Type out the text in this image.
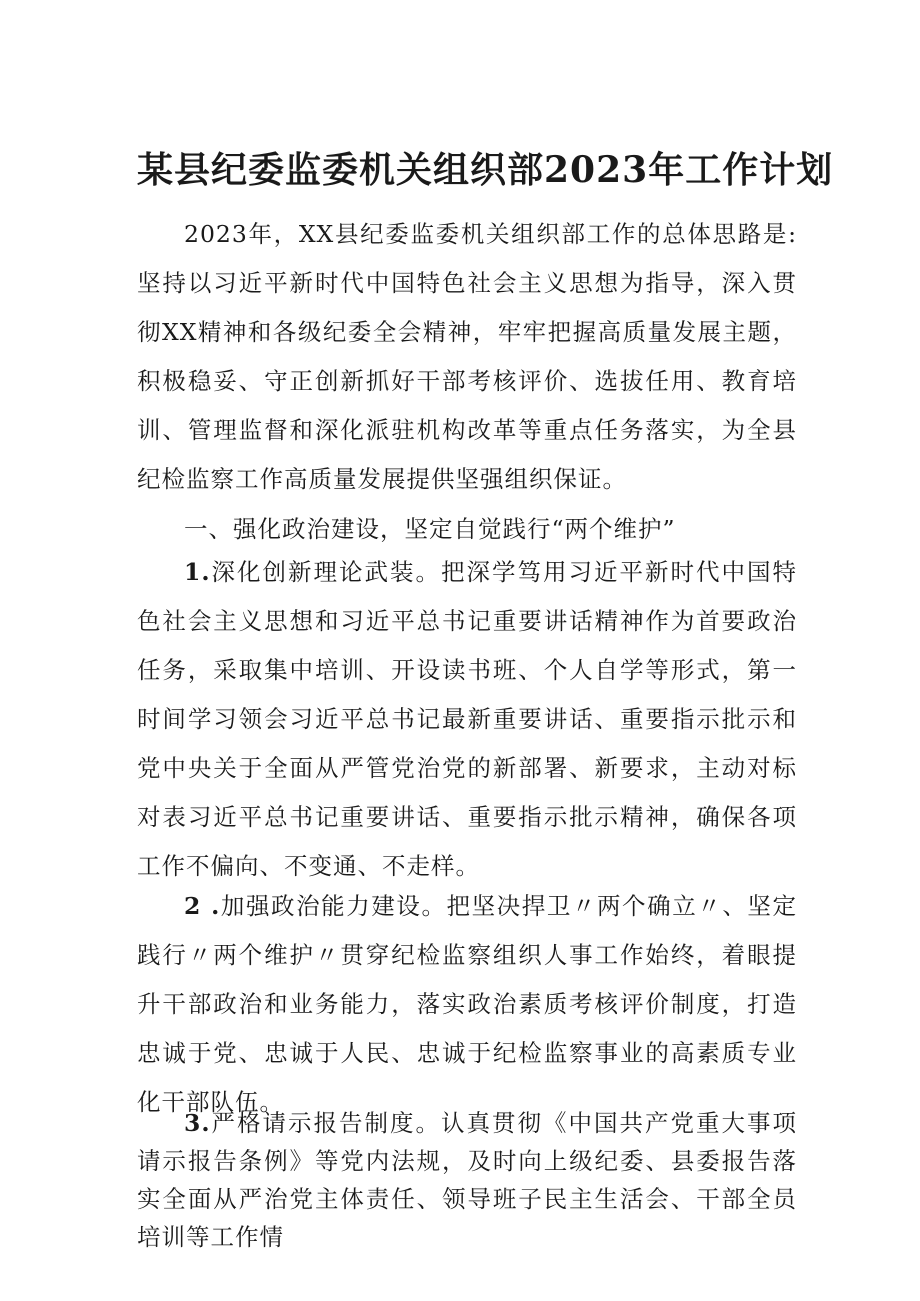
某县纪委监委机关组织部2023年工作计划
2023年，XX县纪委监委机关组织部工作的总体思路是:坚持以习近平新时代中国特色社会主义思想为指导，深入贯彻XX精神和各级纪委全会精神，牢牢把握高质量发展主题，积极稳妥、守正创新抓好干部考核评价、选拔任用、教育培训、管理监督和深化派驻机构改革等重点任务落实，为全县纪检监察工作高质量发展提供坚强组织保证。
一、强化政治建设，坚定自觉践行“两个维护”
1.深化创新理论武装。把深学笃用习近平新时代中国特色社会主义思想和习近平总书记重要讲话精神作为首要政治任务，采取集中培训、开设读书班、个人自学等形式，第一时间学习领会习近平总书记最新重要讲话、重要指示批示和党中央关于全面从严管党治党的新部署、新要求，主动对标对表习近平总书记重要讲话、重要指示批示精神，确保各项工作不偏向、不变通、不走样。
2 .加强政治能力建设。把坚决捍卫〃两个确立〃、坚定践行〃两个维护〃贯穿纪检监察组织人事工作始终，着眼提升干部政治和业务能力，落实政治素质考核评价制度，打造忠诚于党、忠诚于人民、忠诚于纪检监察事业的高素质专业化干部队伍。
3.严格请示报告制度。认真贯彻《中国共产党重大事项请示报告条例》等党内法规，及时向上级纪委、县委报告落实全面从严治党主体责任、领导班子民主生活会、干部全员培训等工作情
